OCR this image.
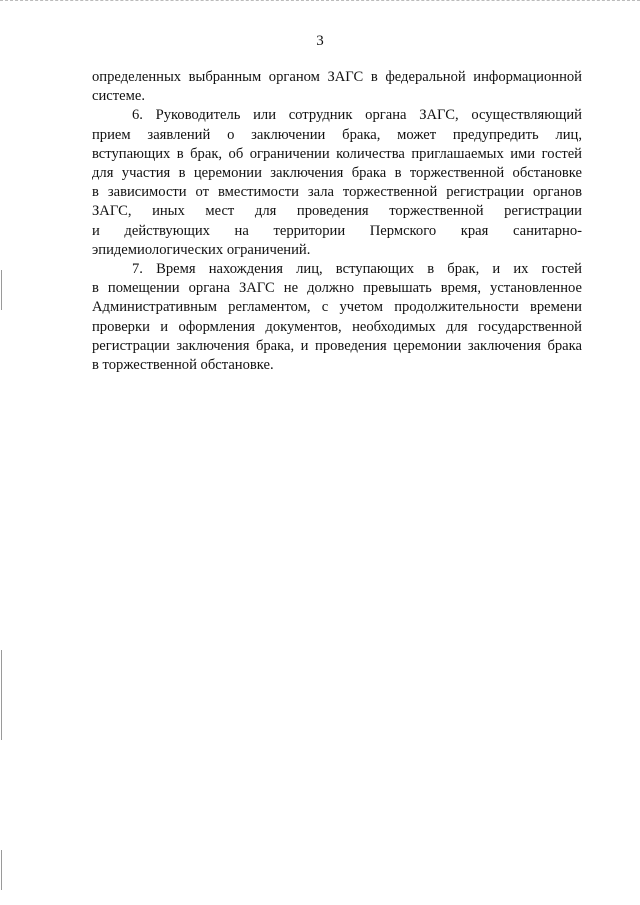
3

определенных выбранным органом ЗАГС в федеральной информационной
системе.

6. Руководитель или сотрудник органа ЗАГС, осуществляющий
прием заявлений о заключении брака, может предупредить лиц,
вступающих в брак, об ограничении количества приглашаемых ими гостей
для участия в церемонии заключения брака в торжественной обстановке
в зависимости от вместимости зала торжественной регистрации органов
ЗАГС, иных мест для проведения торжественной регистрации
и действующих на территории Пермского края санитарно-
эпидемиологических ограничений.

7. Время нахождения лиц, вступающих в брак, и их гостей
в помещении органа ЗАГС не должно превышать время, установленное
Административным регламентом, с учетом продолжительности времени
проверки и оформления документов, необходимых для государственной
регистрации заключения брака, и проведения церемонии заключения брака
в торжественной обстановке.
